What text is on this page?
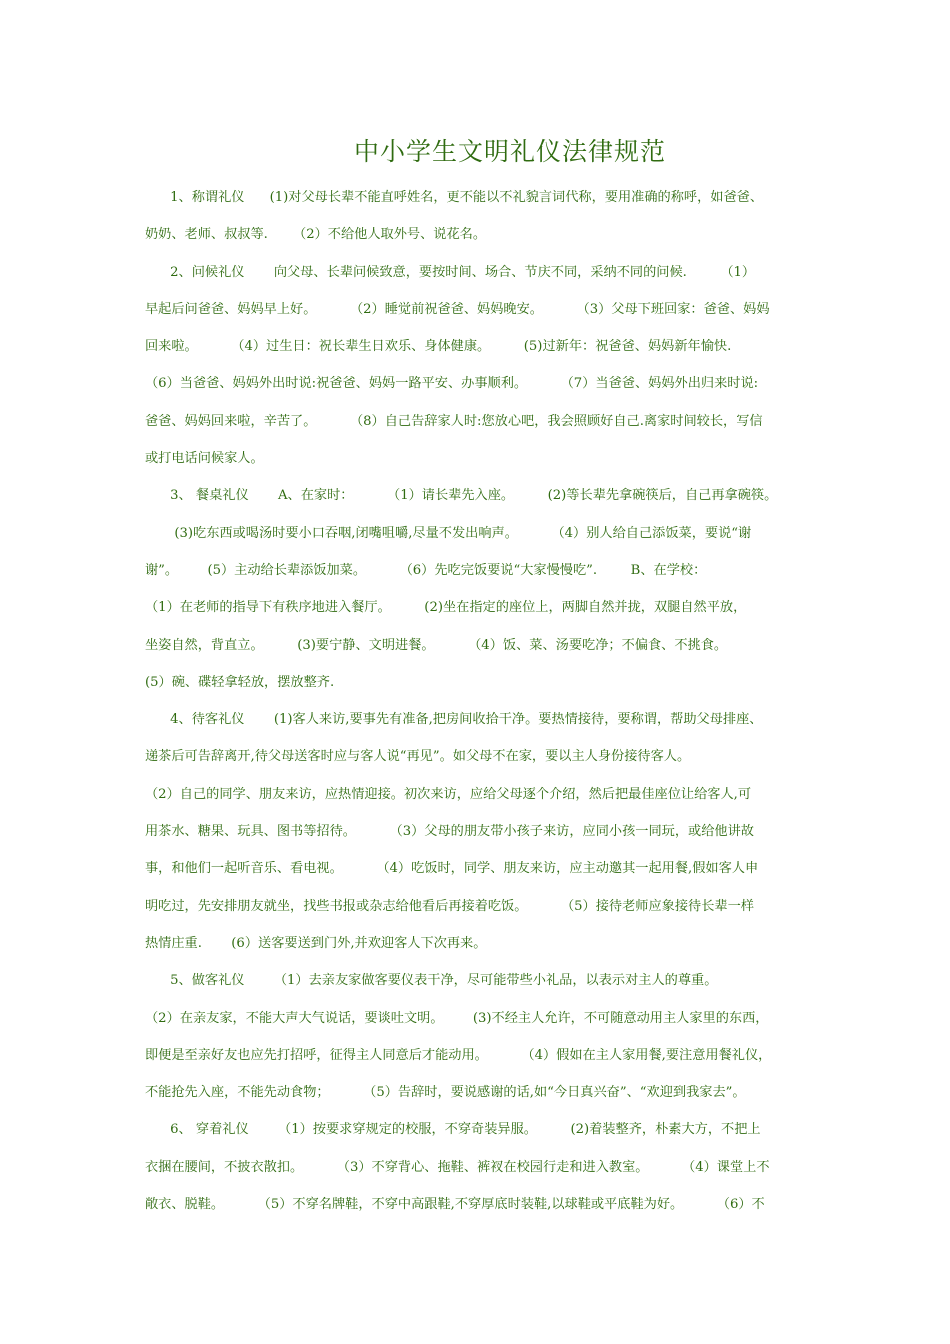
中小学生文明礼仪法律规范
1、称谓礼仪      (1)对父母长辈不能直呼姓名，更不能以不礼貌言词代称，要用准确的称呼，如爸爸、
奶奶、老师、叔叔等.      （2）不给他人取外号、说花名。
2、问候礼仪       向父母、长辈问候致意，要按时间、场合、节庆不同，采纳不同的问候.        （1）
早起后问爸爸、妈妈早上好。        （2）睡觉前祝爸爸、妈妈晚安。        （3）父母下班回家：爸爸、妈妈
回来啦。        （4）过生日：祝长辈生日欢乐、身体健康。        (5)过新年：祝爸爸、妈妈新年愉快.
（6）当爸爸、妈妈外出时说:祝爸爸、妈妈一路平安、办事顺利。        （7）当爸爸、妈妈外出归来时说:
爸爸、妈妈回来啦，辛苦了。        （8）自己告辞家人时:您放心吧，我会照顾好自己.离家时间较长，写信
或打电话问候家人。
3、 餐桌礼仪       A、在家时：        （1）请长辈先入座。        (2)等长辈先拿碗筷后，自己再拿碗筷。
(3)吃东西或喝汤时要小口吞咽,闭嘴咀嚼,尽量不发出响声。        （4）别人给自己添饭菜，要说“谢
谢”。       (5）主动给长辈添饭加菜。        （6）先吃完饭要说“大家慢慢吃”.        B、在学校：
（1）在老师的指导下有秩序地进入餐厅。        (2)坐在指定的座位上，两脚自然并拢，双腿自然平放，
坐姿自然，背直立。        (3)要宁静、文明进餐。        （4）饭、菜、汤要吃净；不偏食、不挑食。
(5）碗、碟轻拿轻放，摆放整齐.
4、待客礼仪       (1)客人来访,要事先有准备,把房间收拾干净。要热情接待，要称谓，帮助父母排座、
递茶后可告辞离开,待父母送客时应与客人说“再见”。如父母不在家，要以主人身份接待客人。
（2）自己的同学、朋友来访，应热情迎接。初次来访，应给父母逐个介绍，然后把最佳座位让给客人,可
用茶水、糖果、玩具、图书等招待。        （3）父母的朋友带小孩子来访，应同小孩一同玩，或给他讲故
事，和他们一起听音乐、看电视。        （4）吃饭时，同学、朋友来访，应主动邀其一起用餐,假如客人申
明吃过，先安排朋友就坐，找些书报或杂志给他看后再接着吃饭。        （5）接待老师应象接待长辈一样
热情庄重.       (6）送客要送到门外,并欢迎客人下次再来。
5、做客礼仪       （1）去亲友家做客要仪表干净，尽可能带些小礼品，以表示对主人的尊重。
（2）在亲友家，不能大声大气说话，要谈吐文明。       (3)不经主人允许，不可随意动用主人家里的东西，
即便是至亲好友也应先打招呼，征得主人同意后才能动用。        （4）假如在主人家用餐,要注意用餐礼仪，
不能抢先入座，不能先动食物；        （5）告辞时，要说感谢的话,如“今日真兴奋”、“欢迎到我家去”。
6、 穿着礼仪       （1）按要求穿规定的校服，不穿奇装异服。        (2)着装整齐，朴素大方，不把上
衣捆在腰间，不披衣散扣。        （3）不穿背心、拖鞋、裤衩在校园行走和进入教室。        （4）课堂上不
敞衣、脱鞋。        （5）不穿名牌鞋，不穿中高跟鞋,不穿厚底时装鞋,以球鞋或平底鞋为好。        （6）不
